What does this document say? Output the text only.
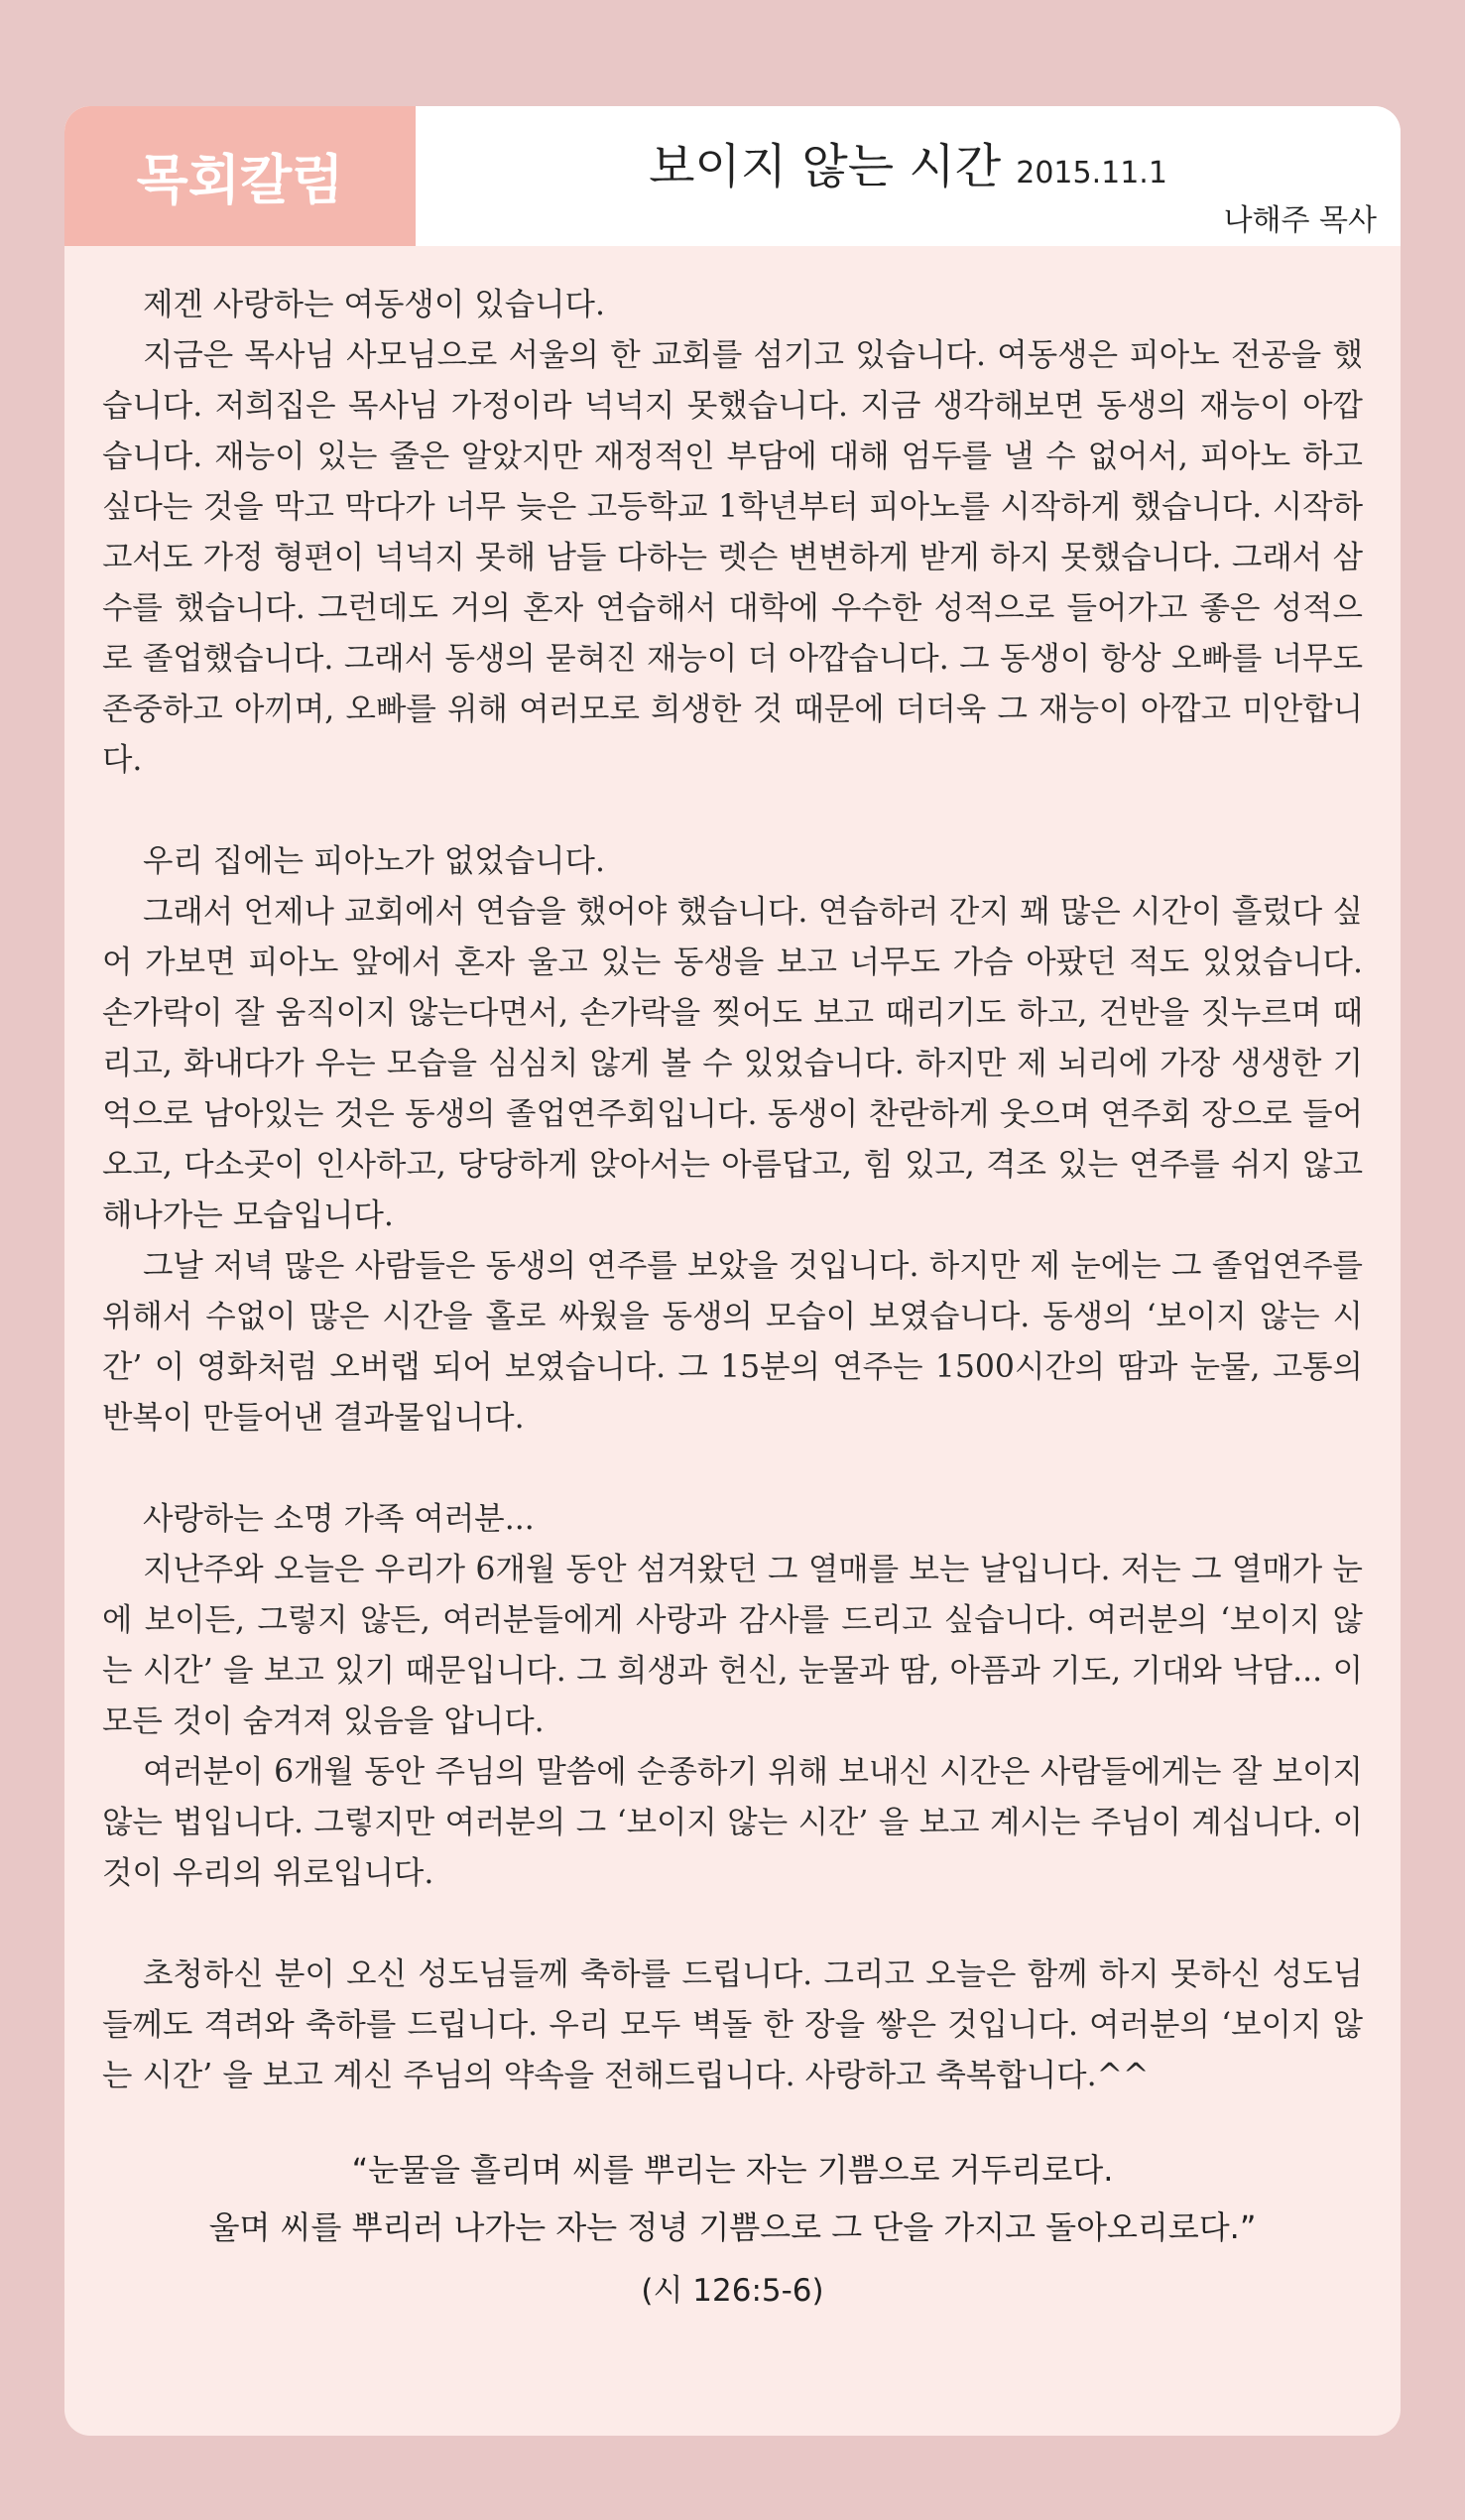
목회칼럼	보이지 않는 시간 2015.11.1
나해주 목사

제겐 사랑하는 여동생이 있습니다.

지금은 목사님 사모님으로 서울의 한 교회를 섬기고 있습니다. 여동생은 피아노 전공을 했습니다. 저희집은 목사님 가정이라 넉넉지 못했습니다. 지금 생각해보면 동생의 재능이 아깝습니다. 재능이 있는 줄은 알았지만 재정적인 부담에 대해 엄두를 낼 수 없어서, 피아노 하고 싶다는 것을 막고 막다가 너무 늦은 고등학교 1학년부터 피아노를 시작하게 했습니다. 시작하고서도 가정 형편이 넉넉지 못해 남들 다하는 렛슨 변변하게 받게 하지 못했습니다. 그래서 삼수를 했습니다. 그런데도 거의 혼자 연습해서 대학에 우수한 성적으로 들어가고 좋은 성적으로 졸업했습니다. 그래서 동생의 묻혀진 재능이 더 아깝습니다. 그 동생이 항상 오빠를 너무도 존중하고 아끼며, 오빠를 위해 여러모로 희생한 것 때문에 더더욱 그 재능이 아깝고 미안합니다.

우리 집에는 피아노가 없었습니다.

그래서 언제나 교회에서 연습을 했어야 했습니다. 연습하러 간지 꽤 많은 시간이 흘렀다 싶어 가보면 피아노 앞에서 혼자 울고 있는 동생을 보고 너무도 가슴 아팠던 적도 있었습니다. 손가락이 잘 움직이지 않는다면서, 손가락을 찢어도 보고 때리기도 하고, 건반을 짓누르며 때리고, 화내다가 우는 모습을 심심치 않게 볼 수 있었습니다. 하지만 제 뇌리에 가장 생생한 기억으로 남아있는 것은 동생의 졸업연주회입니다. 동생이 찬란하게 웃으며 연주회 장으로 들어오고, 다소곳이 인사하고, 당당하게 앉아서는 아름답고, 힘 있고, 격조 있는 연주를 쉬지 않고 해나가는 모습입니다.

그날 저녁 많은 사람들은 동생의 연주를 보았을 것입니다. 하지만 제 눈에는 그 졸업연주를 위해서 수없이 많은 시간을 홀로 싸웠을 동생의 모습이 보였습니다. 동생의 ‘보이지 않는 시간’ 이 영화처럼 오버랩 되어 보였습니다. 그 15분의 연주는 1500시간의 땀과 눈물, 고통의 반복이 만들어낸 결과물입니다.

사랑하는 소명 가족 여러분...

지난주와 오늘은 우리가 6개월 동안 섬겨왔던 그 열매를 보는 날입니다. 저는 그 열매가 눈에 보이든, 그렇지 않든, 여러분들에게 사랑과 감사를 드리고 싶습니다. 여러분의 ‘보이지 않는 시간’ 을 보고 있기 때문입니다. 그 희생과 헌신, 눈물과 땀, 아픔과 기도, 기대와 낙담... 이 모든 것이 숨겨져 있음을 압니다.

여러분이 6개월 동안 주님의 말씀에 순종하기 위해 보내신 시간은 사람들에게는 잘 보이지 않는 법입니다. 그렇지만 여러분의 그 ‘보이지 않는 시간’ 을 보고 계시는 주님이 계십니다. 이것이 우리의 위로입니다.

초청하신 분이 오신 성도님들께 축하를 드립니다. 그리고 오늘은 함께 하지 못하신 성도님들께도 격려와 축하를 드립니다. 우리 모두 벽돌 한 장을 쌓은 것입니다. 여러분의 ‘보이지 않는 시간’ 을 보고 계신 주님의 약속을 전해드립니다. 사랑하고 축복합니다.^^

“눈물을 흘리며 씨를 뿌리는 자는 기쁨으로 거두리로다.
울며 씨를 뿌리러 나가는 자는 정녕 기쁨으로 그 단을 가지고 돌아오리로다.”
(시 126:5-6)
